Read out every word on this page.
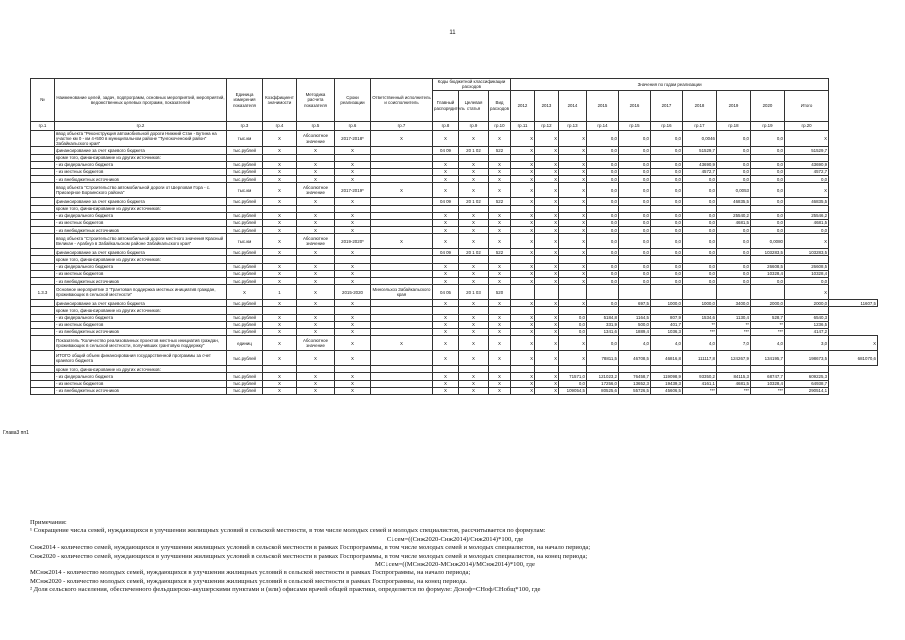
11
№	Наименование целей, задач, подпрограмм, основных мероприятий, мероприятий, ведомственных целевых программ, показателей	Единица измерения показателя	Коэффициент значимости	Методика расчета показателя	Сроки реализации	Ответственный исполнитель и соисполнитель	Коды бюджетной классификации расходов			Значения по годам реализации										
							Главный распорядитель	Целевая статья	Вид расходов	2012	2013	2014	2015	2016	2017	2018	2019	2020	Итого	
гр.1	гр.2	гр.3	гр.4	гр.5	гр.6	гр.7	гр.8	гр.9	гр.10	гр.11	гр.12	гр.13	гр.14	гр.15	гр.16	гр.17	гр.18	гр.19	гр.20	
	ввод объекта "Реконструкция автомобильной дороги Нижний Стан - Бутина на участке км 0 - км 4+500 в муниципальном районе "Тунгокоченский район" Забайкальского края"	тыс.км	Х	Абсолютное значение	2017-2018*	Х	Х	Х	Х	Х	Х	Х	0,0	0,0	0,0	0,0046	0,0	0,0	Х	
	финансирование за счет краевого бюджета	тыс.рублей	Х	Х	Х		04 09	20 1 02	522	Х	Х	Х	0,0	0,0	0,0	51529,7	0,0	0,0	51529,7	
	кроме того, финансирование из других источников:																			
	- из федерального бюджета	тыс.рублей	Х	Х	Х		Х	Х	Х	Х	Х	Х	0,0	0,0	0,0	43690,9	0,0	0,0	43690,9	
	- из местных бюджетов	тыс.рублей	Х	Х	Х		Х	Х	Х	Х	Х	Х	0,0	0,0	0,0	4572,7	0,0	0,0	4572,7	
	- из внебюджетных источников	тыс.рублей	Х	Х	Х		Х	Х	Х	Х	Х	Х	0,0	0,0	0,0	0,0	0,0	0,0	0,0	
	ввод объекта "Строительство автомобильной дороги от Шерловая Гора - с. Приозерное Борзинского района"	тыс.км	Х	Абсолютное значение	2017-2019*	Х	Х	Х	Х	Х	Х	Х	0,0	0,0	0,0	0,0	0,0053	0,0	Х	
	финансирование за счет краевого бюджета	тыс.рублей	Х	Х	Х		04 09	20 1 02	522	Х	Х	Х	0,0	0,0	0,0	0,0	46835,5	0,0	46835,5	
	кроме того, финансирование из других источников:																			
	- из федерального бюджета	тыс.рублей	Х	Х	Х		Х	Х	Х	Х	Х	Х	0,0	0,0	0,0	0,0	25540,2	0,0	25546,2	
	- из местных бюджетов	тыс.рублей	Х	Х	Х		Х	Х	Х	Х	Х	Х	0,0	0,0	0,0	0,0	4681,5	0,0	4681,5	
	- из внебюджетных источников	тыс.рублей	Х	Х	Х		Х	Х	Х	Х	Х	Х	0,0	0,0	0,0	0,0	0,0	0,0	0,0	
	ввод объекта "Строительство автомобильной дороги местного значения Красный Великан - Арабкуэ в Забайкальском районе Забайкальского края"	тыс.км	Х	Абсолютное значение	2019-2020*	Х	Х	Х	Х	Х	Х	Х	0,0	0,0	0,0	0,0	0,0	0,0080	Х	
	финансирование за счет краевого бюджета	тыс.рублей	Х	Х	Х		04 09	20 1 02	522	Х	Х	Х	0,0	0,0	0,0	0,0	0,0	103283,5	103283,5	
	кроме того, финансирование из других источников:																			
	- из федерального бюджета	тыс.рублей	Х	Х	Х		Х	Х	Х	Х	Х	Х	0,0	0,0	0,0	0,0	0,0	26608,5	26608,5	
	- из местных бюджетов	тыс.рублей	Х	Х	Х		Х	Х	Х	Х	Х	Х	0,0	0,0	0,0	0,0	0,0	10328,4	10328,4	
	- из внебюджетных источников	тыс.рублей	Х	Х	Х		Х	Х	Х	Х	Х	Х	0,0	0,0	0,0	0,0	0,0	0,0	0,0	
1.3.3	Основное мероприятие 3 "Грантовая поддержка местных инициатив граждан, проживающих в сельской местности"	Х	1	Х	2015-2020	Минсельхоз Забайкальского края	04 05	20 1 03	520										Х	
	финансирование за счет краевого бюджета	тыс.рублей	Х	Х	Х		Х	Х	Х	Х	Х	Х	0,0	697,5	1000,0	1000,0	3400,0	2000,0	2000,0	11607,5
	кроме того, финансирование из других источников:																			
	- из федерального бюджета	тыс.рублей	Х	Х	Х		Х	Х	Х	Х	Х	0,0	5184,8	1164,5	807,9	1534,6	1130,4	528,7	6540,3	
	- из местных бюджетов	тыс.рублей	Х	Х	Х		Х	Х	Х	Х	Х	0,0	331,9	500,0	401,7	**	**	**	1236,5	
	- из внебюджетных источников	тыс.рублей	Х	Х	Х		Х	Х	Х	Х	Х	0,0	1341,6	1889,4	1036,3	***	***	***	4147,2	
	Показатель "Количество реализованных проектов местных инициатив граждан, проживающих в сельской местности, получивших грантовую поддержку"	единиц	Х	Абсолютное значение	Х	Х	Х	Х	Х	Х	Х	Х	0,0	4,0	4,0	4,0	7,0	4,0	3,0	Х
	ИТОГО общий объем финансирования государственной программы за счет краевого бюджета	тыс.рублей	Х	Х	Х		Х	Х	Х	Х	Х	Х	78811,5	46708,5	46816,8	111117,8	124267,9	134195,7	198673,5	681070,6
	кроме того, финансирование из других источников:																			
	- из федерального бюджета	тыс.рублей	Х	Х	Х		Х	Х	Х	Х	Х	71571,0	121023,2	76458,7	119098,9	93350,2	84115,3	68747,7	609225,3	
	- из местных бюджетов	тыс.рублей	Х	Х	Х		Х	Х	Х	Х	Х	0,0	17256,0	13652,3	19439,3	4161,1	4681,5	10328,4	64938,7	
	- из внебюджетных источников	тыс.рублей	Х	Х	Х		Х	Х	Х	Х	Х	109054,5	80525,6	55726,5	45606,5	***	***	***	290514,1	
Глава3 пп1
Примечания:
¹ Сокращение числа семей, нуждающихся в улучшении жилищных условий в сельской местности, в том числе молодых семей и молодых специалистов, рассчитывается по формулам:
С↓сем=((Cнж2020-Cнж2014)/Cнж2014)*100, где
Cнж2014 - количество семей, нуждающихся в улучшении жилищных условий в сельской местности в рамках Госпрограммы, в том числе молодых семей и молодых специалистов, на начало периода;
Cнж2020 - количество семей, нуждающихся в улучшении жилищных условий в сельской местности в рамках Госпрограммы, в том числе молодых семей и молодых специалистов, на конец периода;
МС↓сем=((МСнж2020-МСнж2014)/МСнж2014)*100, где
МСнж2014 - количество молодых семей, нуждающихся в улучшении жилищных условий в сельской местности в рамках Госпрограммы, на начало периода;
МСнж2020 - количество молодых семей, нуждающихся в улучшении жилищных условий в сельской местности в рамках Госпрограммы, на конец периода.
² Доля сельского населения, обеспеченного фельдшерско-акушерскими пунктами и (или) офисами врачей общей практики, определяется по формуле: Дсноф=СНоф/СНобщ*100, где
